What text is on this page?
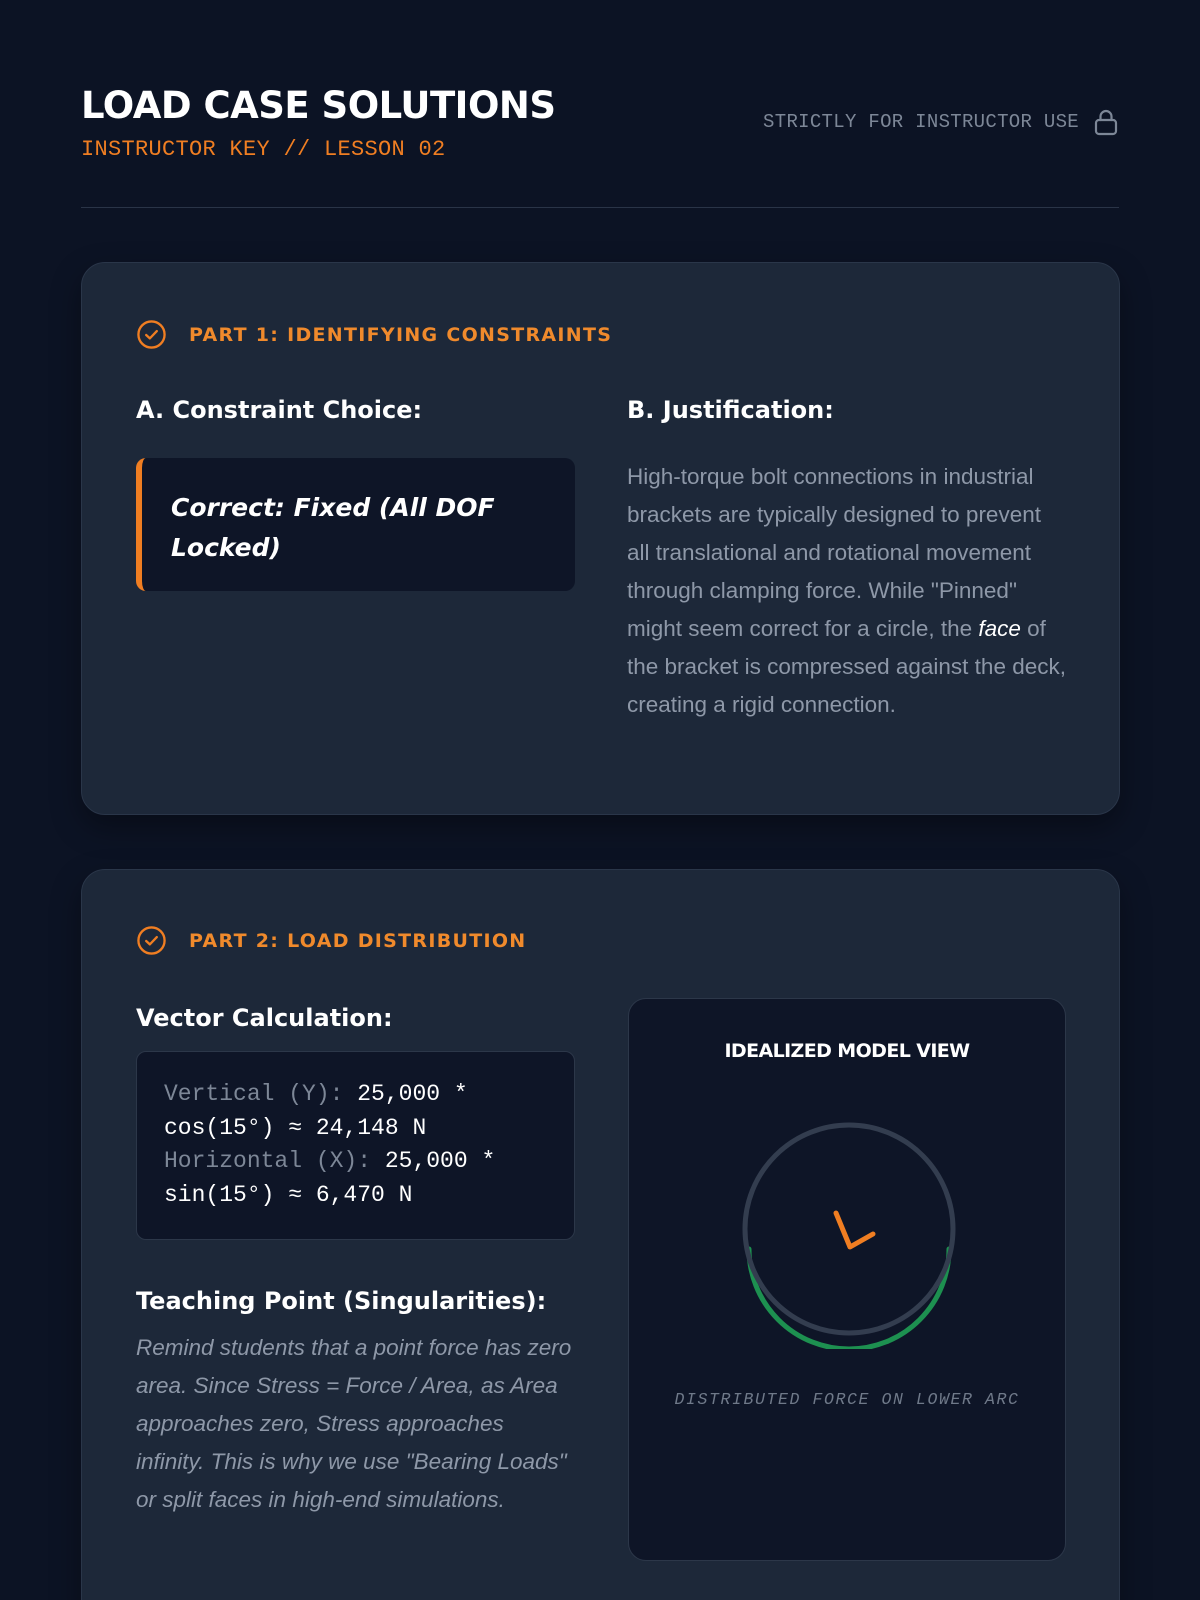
LOAD CASE SOLUTIONS
INSTRUCTOR KEY // LESSON 02
STRICTLY FOR INSTRUCTOR USE
PART 1: IDENTIFYING CONSTRAINTS
A. Constraint Choice:
Correct: Fixed (All DOF Locked)
B. Justification:

High-torque bolt connections in industrial brackets are typically designed to prevent all translational and rotational movement through clamping force. While "Pinned" might seem correct for a circle, the face of the bracket is compressed against the deck, creating a rigid connection.

PART 2: LOAD DISTRIBUTION
Vector Calculation:
Vertical (Y): 25,000 * cos(15°) ≈ 24,148 N
Horizontal (X): 25,000 * sin(15°) ≈ 6,470 N
Teaching Point (Singularities):

Remind students that a point force has zero area. Since Stress = Force / Area, as Area approaches zero, Stress approaches infinity. This is why we use "Bearing Loads" or split faces in high-end simulations.

IDEALIZED MODEL VIEW
DISTRIBUTED FORCE ON LOWER ARC
